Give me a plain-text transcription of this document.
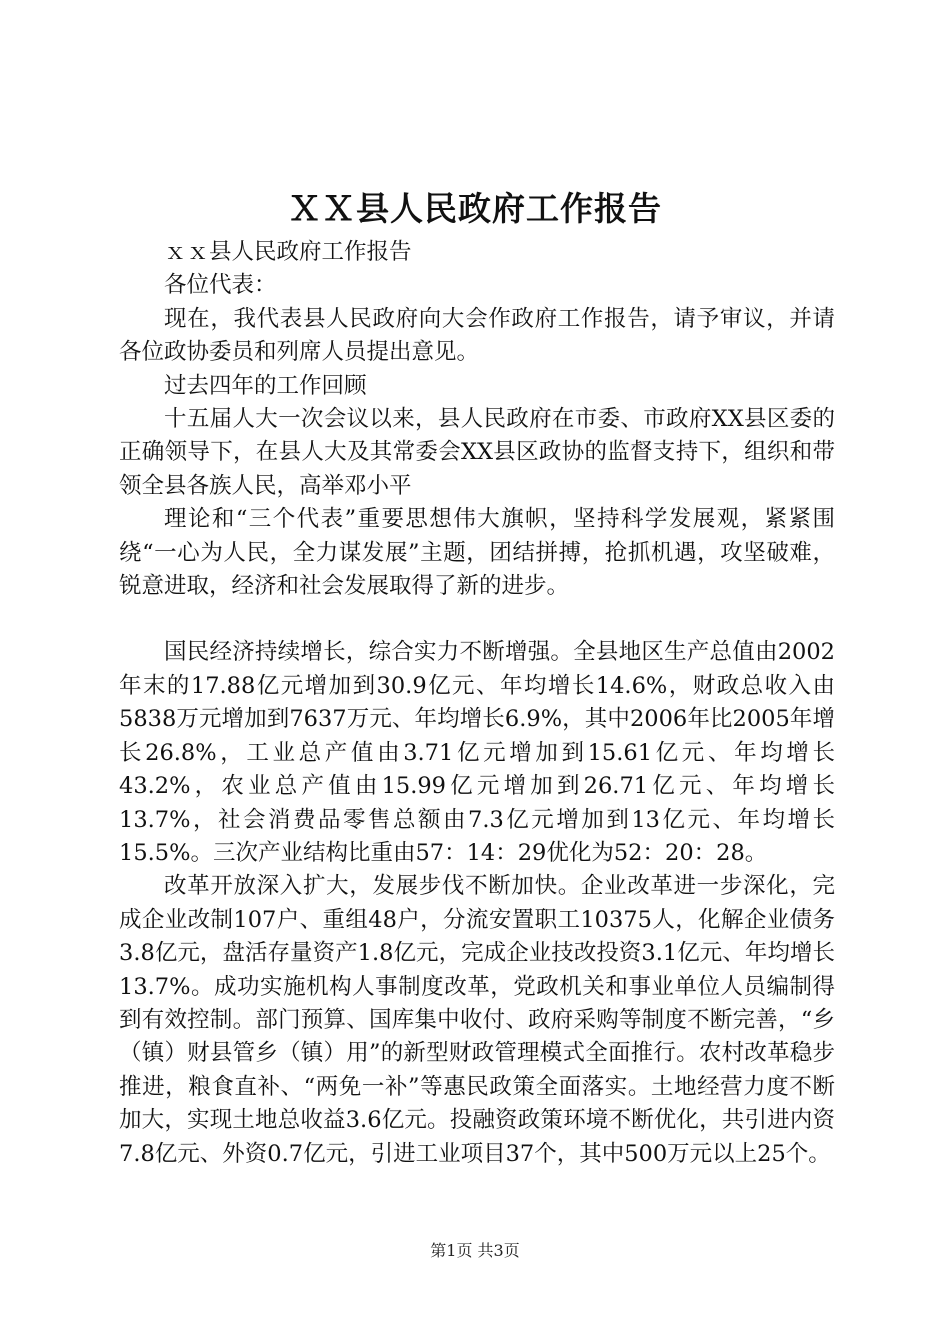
ＸＸ县人民政府工作报告

ｘｘ县人民政府工作报告

各位代表：

现在，我代表县人民政府向大会作政府工作报告，请予审议，并请各位政协委员和列席人员提出意见。

过去四年的工作回顾

十五届人大一次会议以来，县人民政府在市委、市政府XX县区委的正确领导下，在县人大及其常委会XX县区政协的监督支持下，组织和带领全县各族人民，高举邓小平

理论和“三个代表”重要思想伟大旗帜，坚持科学发展观，紧紧围绕“一心为人民，全力谋发展”主题，团结拼搏，抢抓机遇，攻坚破难，锐意进取，经济和社会发展取得了新的进步。

国民经济持续增长，综合实力不断增强。全县地区生产总值由2002年末的17.88亿元增加到30.9亿元、年均增长14.6%，财政总收入由5838万元增加到7637万元、年均增长6.9%，其中2006年比2005年增长26.8%，工业总产值由3.71亿元增加到15.61亿元、年均增长43.2%，农业总产值由15.99亿元增加到26.71亿元、年均增长13.7%，社会消费品零售总额由7.3亿元增加到13亿元、年均增长15.5%。三次产业结构比重由57：14：29优化为52：20：28。

改革开放深入扩大，发展步伐不断加快。企业改革进一步深化，完成企业改制107户、重组48户，分流安置职工10375人，化解企业债务3.8亿元，盘活存量资产1.8亿元，完成企业技改投资3.1亿元、年均增长13.7%。成功实施机构人事制度改革，党政机关和事业单位人员编制得到有效控制。部门预算、国库集中收付、政府采购等制度不断完善，“乡（镇）财县管乡（镇）用”的新型财政管理模式全面推行。农村改革稳步推进，粮食直补、“两免一补”等惠民政策全面落实。土地经营力度不断加大，实现土地总收益3.6亿元。投融资政策环境不断优化，共引进内资7.8亿元、外资0.7亿元，引进工业项目37个，其中500万元以上25个。

第1页 共3页
